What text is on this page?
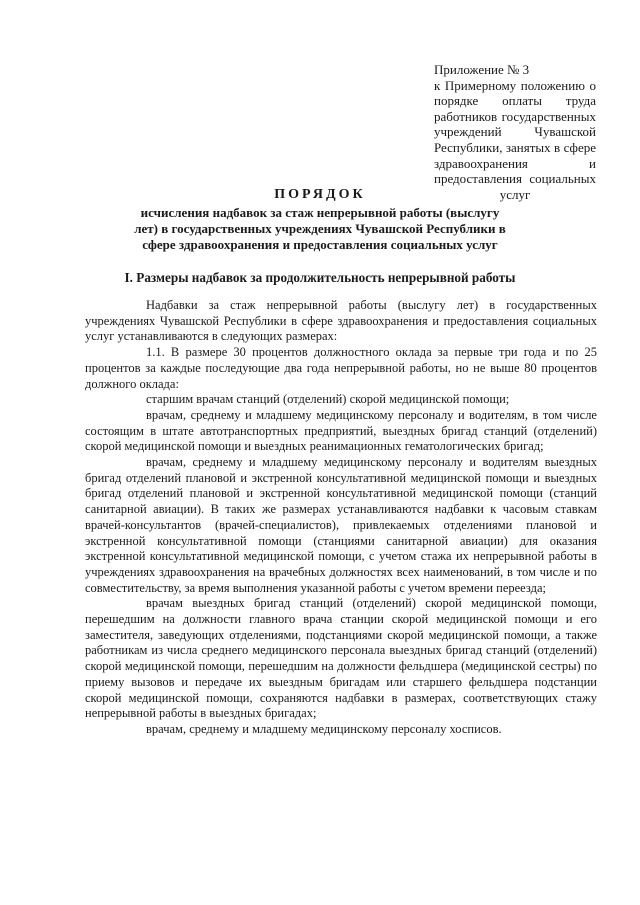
Приложение № 3
к Примерному положению о порядке оплаты труда работников государственных учреждений Чувашской Республики, занятых в сфере здравоохранения и предоставления социальных услуг
ПОРЯДОК
исчисления надбавок за стаж непрерывной работы (выслугу лет) в государственных учреждениях Чувашской Республики в сфере здравоохранения и предоставления социальных услуг
I. Размеры надбавок за продолжительность непрерывной работы

Надбавки за стаж непрерывной работы (выслугу лет) в государственных учреждениях Чувашской Республики в сфере здравоохранения и предоставления социальных услуг устанавливаются в следующих размерах:

1.1. В размере 30 процентов должностного оклада за первые три года и по 25 процентов за каждые последующие два года непрерывной работы, но не выше 80 процентов должного оклада:

старшим врачам станций (отделений) скорой медицинской помощи;

врачам, среднему и младшему медицинскому персоналу и водителям, в том числе состоящим в штате автотранспортных предприятий, выездных бригад станций (отделений) скорой медицинской помощи и выездных реанимационных гематологических бригад;

врачам, среднему и младшему медицинскому персоналу и водителям выездных бригад отделений плановой и экстренной консультативной медицинской помощи и выездных бригад отделений плановой и экстренной консультативной медицинской помощи (станций санитарной авиации). В таких же размерах устанавливаются надбавки к часовым ставкам врачей-консультантов (врачей-специалистов), привлекаемых отделениями плановой и экстренной консультативной помощи (станциями санитарной авиации) для оказания экстренной консультативной медицинской помощи, с учетом стажа их непрерывной работы в учреждениях здравоохранения на врачебных должностях всех наименований, в том числе и по совместительству, за время выполнения указанной работы с учетом времени переезда;

врачам выездных бригад станций (отделений) скорой медицинской помощи, перешедшим на должности главного врача станции скорой медицинской помощи и его заместителя, заведующих отделениями, подстанциями скорой медицинской помощи, а также работникам из числа среднего медицинского персонала выездных бригад станций (отделений) скорой медицинской помощи, перешедшим на должности фельдшера (медицинской сестры) по приему вызовов и передаче их выездным бригадам или старшего фельдшера подстанции скорой медицинской помощи, сохраняются надбавки в размерах, соответствующих стажу непрерывной работы в выездных бригадах;

врачам, среднему и младшему медицинскому персоналу хосписов.
